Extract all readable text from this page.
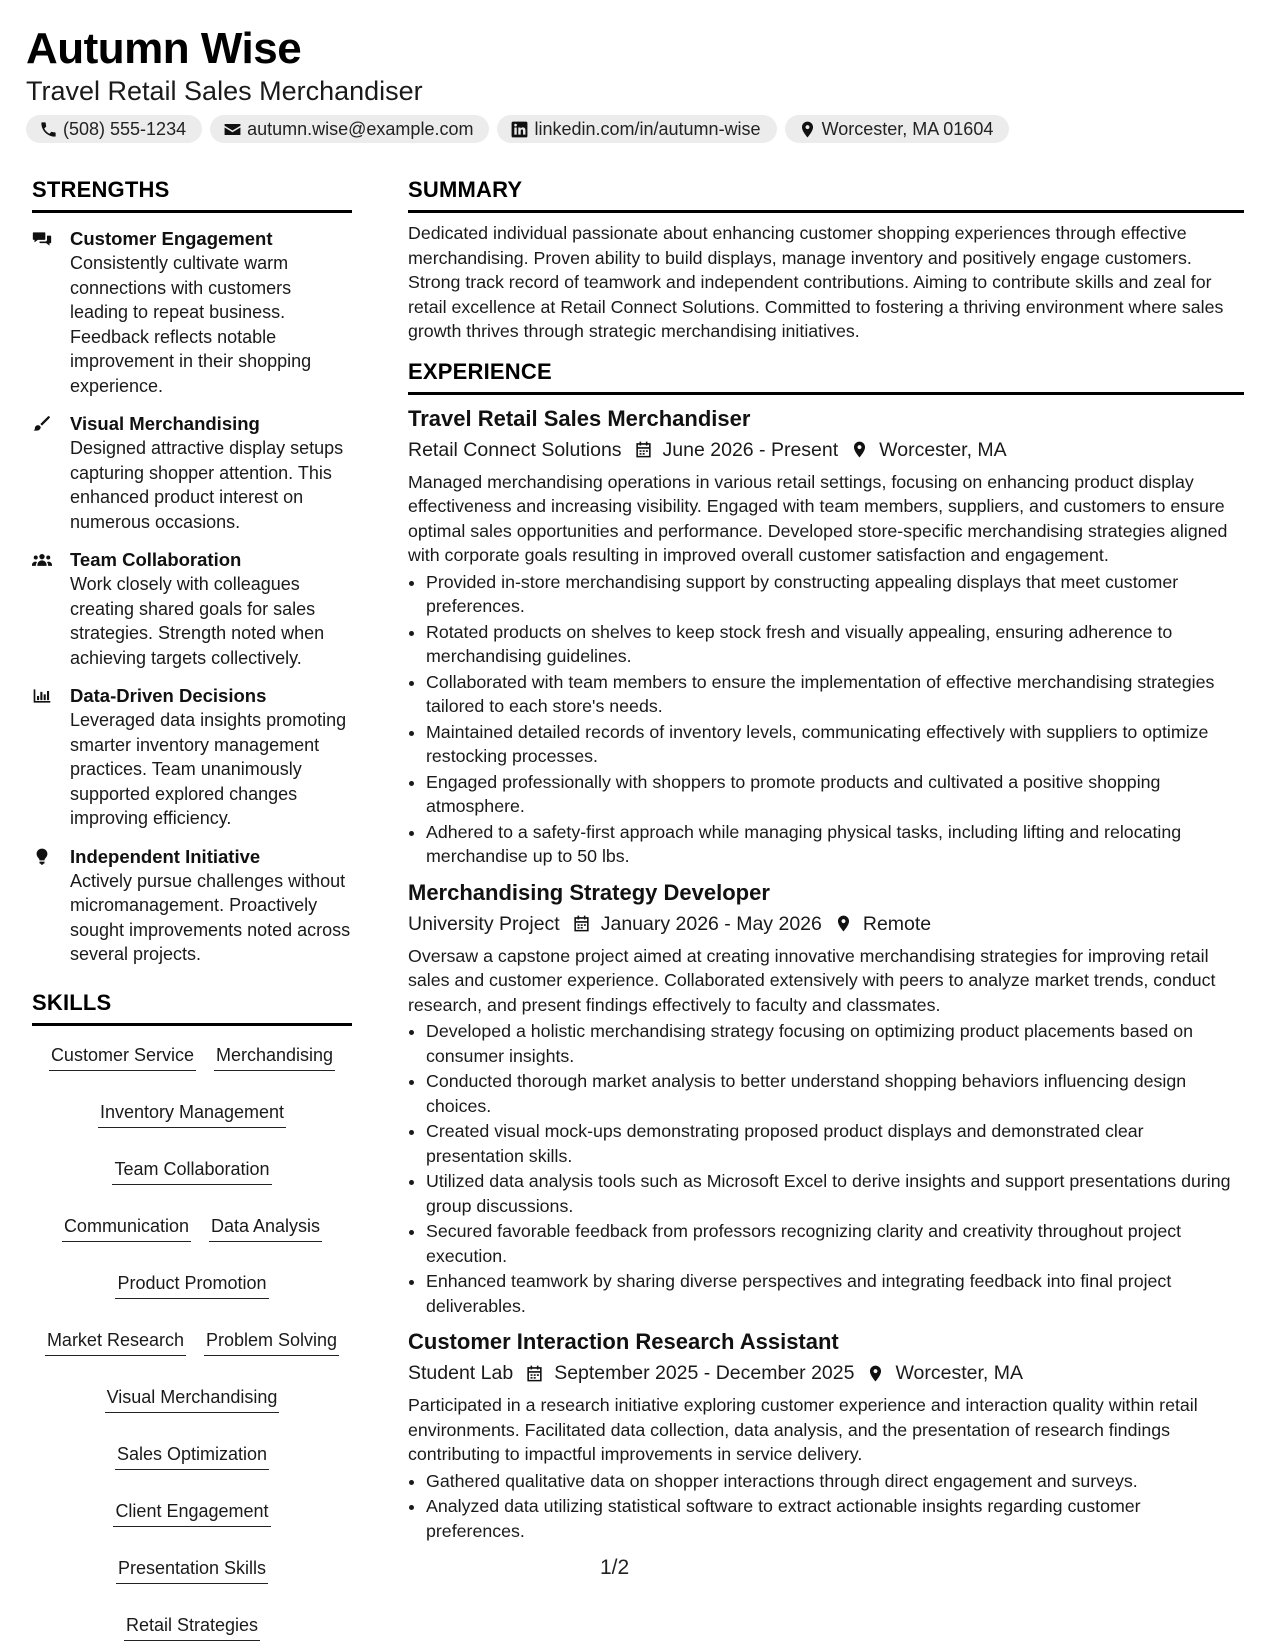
Autumn Wise
Travel Retail Sales Merchandiser
(508) 555-1234	autumn.wise@example.com	linkedin.com/in/autumn-wise	Worcester, MA 01604
STRENGTHS
Customer Engagement
Consistently cultivate warm connections with customers leading to repeat business. Feedback reflects notable improvement in their shopping experience.
Visual Merchandising
Designed attractive display setups capturing shopper attention. This enhanced product interest on numerous occasions.
Team Collaboration
Work closely with colleagues creating shared goals for sales strategies. Strength noted when achieving targets collectively.
Data-Driven Decisions
Leveraged data insights promoting smarter inventory management practices. Team unanimously supported explored changes improving efficiency.
Independent Initiative
Actively pursue challenges without micromanagement. Proactively sought improvements noted across several projects.
SKILLS
Customer Service Merchandising
Inventory Management
Team Collaboration
Communication Data Analysis
Product Promotion
Market Research Problem Solving
Visual Merchandising
Sales Optimization
Client Engagement
Presentation Skills
Retail Strategies
SUMMARY

Dedicated individual passionate about enhancing customer shopping experiences through effective merchandising. Proven ability to build displays, manage inventory and positively engage customers. Strong track record of teamwork and independent contributions. Aiming to contribute skills and zeal for retail excellence at Retail Connect Solutions. Committed to fostering a thriving environment where sales growth thrives through strategic merchandising initiatives.

EXPERIENCE
Travel Retail Sales Merchandiser
Retail Connect Solutions June 2026 - Present Worcester, MA

Managed merchandising operations in various retail settings, focusing on enhancing product display effectiveness and increasing visibility. Engaged with team members, suppliers, and customers to ensure optimal sales opportunities and performance. Developed store-specific merchandising strategies aligned with corporate goals resulting in improved overall customer satisfaction and engagement.

• Provided in-store merchandising support by constructing appealing displays that meet customer preferences.
• Rotated products on shelves to keep stock fresh and visually appealing, ensuring adherence to merchandising guidelines.
• Collaborated with team members to ensure the implementation of effective merchandising strategies tailored to each store's needs.
• Maintained detailed records of inventory levels, communicating effectively with suppliers to optimize restocking processes.
• Engaged professionally with shoppers to promote products and cultivated a positive shopping atmosphere.
• Adhered to a safety-first approach while managing physical tasks, including lifting and relocating merchandise up to 50 lbs.
Merchandising Strategy Developer
University Project January 2026 - May 2026 Remote

Oversaw a capstone project aimed at creating innovative merchandising strategies for improving retail sales and customer experience. Collaborated extensively with peers to analyze market trends, conduct research, and present findings effectively to faculty and classmates.

• Developed a holistic merchandising strategy focusing on optimizing product placements based on consumer insights.
• Conducted thorough market analysis to better understand shopping behaviors influencing design choices.
• Created visual mock-ups demonstrating proposed product displays and demonstrated clear presentation skills.
• Utilized data analysis tools such as Microsoft Excel to derive insights and support presentations during group discussions.
• Secured favorable feedback from professors recognizing clarity and creativity throughout project execution.
• Enhanced teamwork by sharing diverse perspectives and integrating feedback into final project deliverables.
Customer Interaction Research Assistant
Student Lab September 2025 - December 2025 Worcester, MA

Participated in a research initiative exploring customer experience and interaction quality within retail environments. Facilitated data collection, data analysis, and the presentation of research findings contributing to impactful improvements in service delivery.

• Gathered qualitative data on shopper interactions through direct engagement and surveys.
• Analyzed data utilizing statistical software to extract actionable insights regarding customer preferences.
1/2
